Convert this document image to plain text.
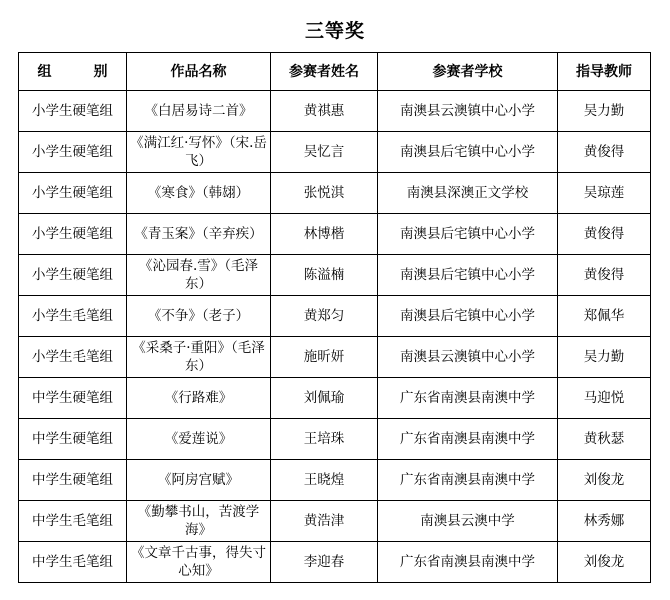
三等奖
组　别	作品名称	参赛者姓名	参赛者学校	指导教师
小学生硬笔组	《白居易诗二首》	黄祺惠	南澳县云澳镇中心小学	吴力勤
小学生硬笔组	《满江红·写怀》（宋.岳飞）	吴忆言	南澳县后宅镇中心小学	黄俊得
小学生硬笔组	《寒食》（韩翃）	张悦淇	南澳县深澳正文学校	吴琼莲
小学生硬笔组	《青玉案》（辛弃疾）	林博楷	南澳县后宅镇中心小学	黄俊得
小学生硬笔组	《沁园春.雪》（毛泽东）	陈溢楠	南澳县后宅镇中心小学	黄俊得
小学生毛笔组	《不争》（老子）	黄郑匀	南澳县后宅镇中心小学	郑佩华
小学生毛笔组	《采桑子·重阳》（毛泽东）	施昕妍	南澳县云澳镇中心小学	吴力勤
中学生硬笔组	《行路难》	刘佩瑜	广东省南澳县南澳中学	马迎悦
中学生硬笔组	《爱莲说》	王培珠	广东省南澳县南澳中学	黄秋瑟
中学生硬笔组	《阿房宫赋》	王晓煌	广东省南澳县南澳中学	刘俊龙
中学生毛笔组	《勤攀书山，苦渡学海》	黄浩津	南澳县云澳中学	林秀娜
中学生毛笔组	《文章千古事，得失寸心知》	李迎春	广东省南澳县南澳中学	刘俊龙
